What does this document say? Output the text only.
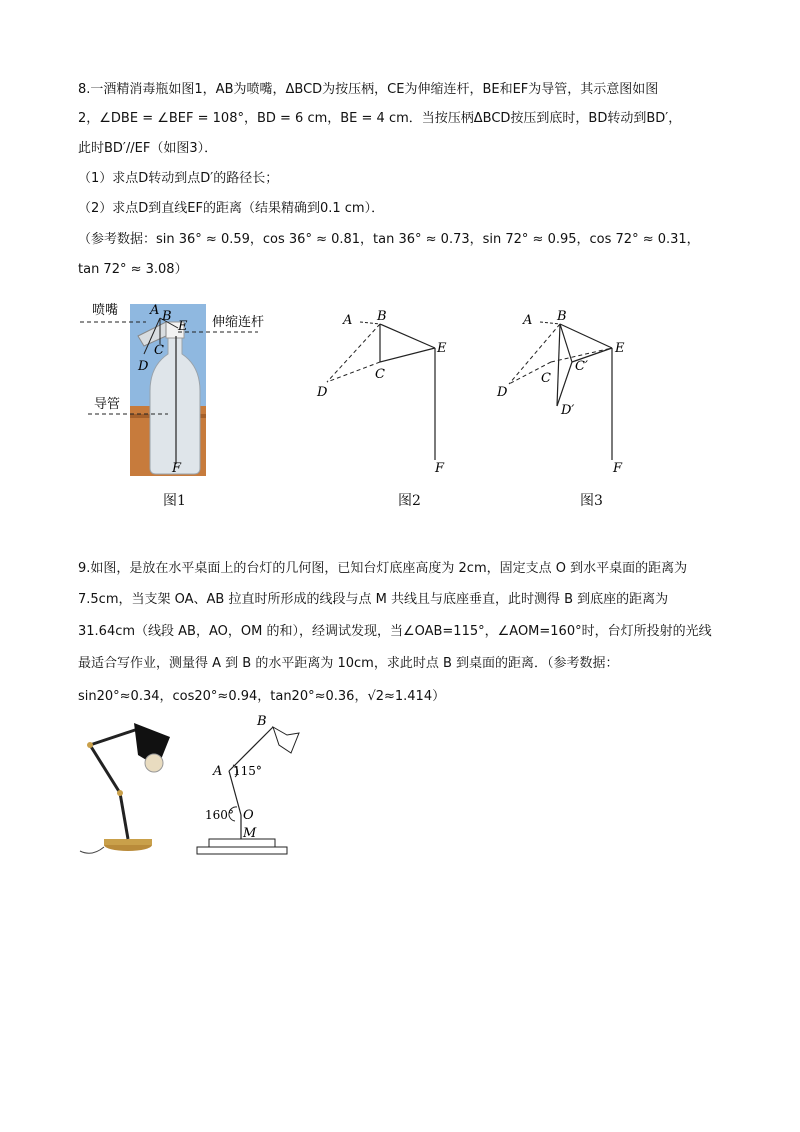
8.一酒精消毒瓶如图1，AB为喷嘴，ΔBCD为按压柄，CE为伸缩连杆，BE和EF为导管，其示意图如图
2，∠DBE = ∠BEF = 108°，BD = 6 cm，BE = 4 cm．当按压柄ΔBCD按压到底时，BD转动到BD′，
此时BD′//EF（如图3）．
（1）求点D转动到点D′的路径长；
（2）求点D到直线EF的距离（结果精确到0.1 cm）．
（参考数据：sin 36° ≈ 0.59，cos 36° ≈ 0.81，tan 36° ≈ 0.73，sin 72° ≈ 0.95，cos 72° ≈ 0.31，
tan 72° ≈ 3.08）
喷嘴
伸缩连杆
导管
A B
E
C
D
F
图1
A B
E
C
D
F
图2
A B
E
C
C′
D
D′
F
图3
9.如图，是放在水平桌面上的台灯的几何图，已知台灯底座高度为 2cm，固定支点 O 到水平桌面的距离为
7.5cm，当支架 OA、AB 拉直时所形成的线段与点 M 共线且与底座垂直，此时测得 B 到底座的距离为
31.64cm（线段 AB，AO，OM 的和），经调试发现，当∠OAB=115°，∠AOM=160°时，台灯所投射的光线
最适合写作业，测量得 A 到 B 的水平距离为 10cm，求此时点 B 到桌面的距离．（参考数据：
sin20°≈0.34，cos20°≈0.94，tan20°≈0.36，√2≈1.414）
B
A 115°
160° O
M
